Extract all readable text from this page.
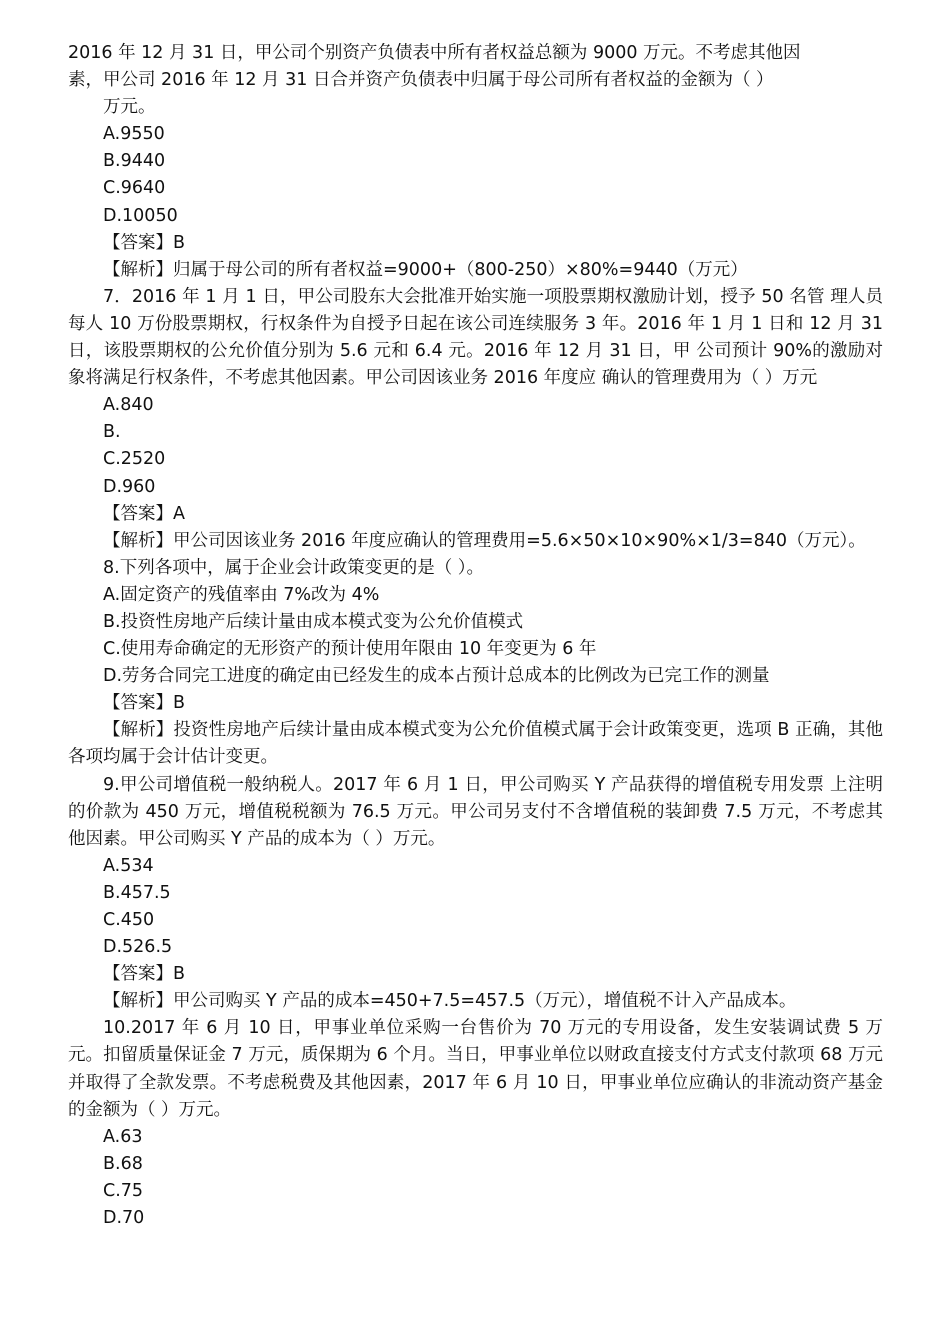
2016 年 12 月 31 日，甲公司个别资产负债表中所有者权益总额为 9000 万元。不考虑其他因
素，甲公司 2016 年 12 月 31 日合并资产负债表中归属于母公司所有者权益的金额为（ ）
万元。
A.9550
B.9440
C.9640
D.10050
【答案】B
【解析】归属于母公司的所有者权益=9000+（800-250）×80%=9440（万元）
7．2016 年 1 月 1 日，甲公司股东大会批准开始实施一项股票期权激励计划，授予 50 名管 理人员每人 10 万份股票期权，行权条件为自授予日起在该公司连续服务 3 年。2016 年 1 月 1 日和 12 月 31 日，该股票期权的公允价值分别为 5.6 元和 6.4 元。2016 年 12 月 31 日，甲 公司预计 90%的激励对象将满足行权条件，不考虑其他因素。甲公司因该业务 2016 年度应 确认的管理费用为（ ）万元
A.840
B.
C.2520
D.960
【答案】A
【解析】甲公司因该业务 2016 年度应确认的管理费用=5.6×50×10×90%×1/3=840（万元）。
8.下列各项中，属于企业会计政策变更的是（ ）。
A.固定资产的残值率由 7%改为 4%
B.投资性房地产后续计量由成本模式变为公允价值模式
C.使用寿命确定的无形资产的预计使用年限由 10 年变更为 6 年
D.劳务合同完工进度的确定由已经发生的成本占预计总成本的比例改为已完工作的测量
【答案】B
【解析】投资性房地产后续计量由成本模式变为公允价值模式属于会计政策变更，选项 B 正确，其他各项均属于会计估计变更。
9.甲公司增值税一般纳税人。2017 年 6 月 1 日，甲公司购买 Y 产品获得的增值税专用发票 上注明的价款为 450 万元，增值税税额为 76.5 万元。甲公司另支付不含增值税的装卸费 7.5 万元，不考虑其他因素。甲公司购买 Y 产品的成本为（ ）万元。
A.534
B.457.5
C.450
D.526.5
【答案】B
【解析】甲公司购买 Y 产品的成本=450+7.5=457.5（万元），增值税不计入产品成本。
10.2017 年 6 月 10 日，甲事业单位采购一台售价为 70 万元的专用设备，发生安装调试费 5 万元。扣留质量保证金 7 万元，质保期为 6 个月。当日，甲事业单位以财政直接支付方式支付款项 68 万元并取得了全款发票。不考虑税费及其他因素，2017 年 6 月 10 日，甲事业单位应确认的非流动资产基金的金额为（ ）万元。
A.63
B.68
C.75
D.70
